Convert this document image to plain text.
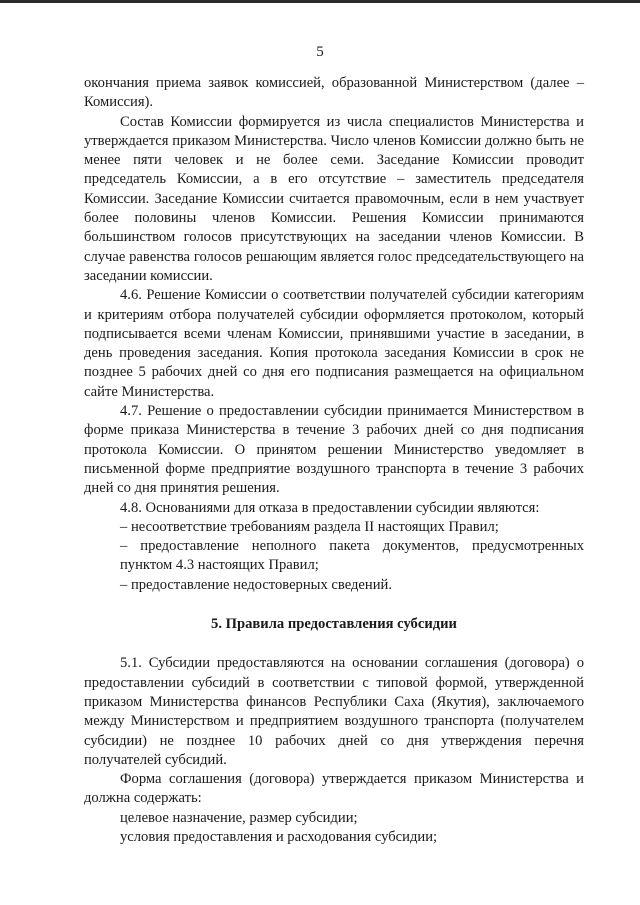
5

окончания приема заявок комиссией, образованной Министерством (далее – Комиссия).

Состав Комиссии формируется из числа специалистов Министерства и утверждается приказом Министерства. Число членов Комиссии должно быть не менее пяти человек и не более семи. Заседание Комиссии проводит председатель Комиссии, а в его отсутствие – заместитель председателя Комиссии. Заседание Комиссии считается правомочным, если в нем участвует более половины членов Комиссии. Решения Комиссии принимаются большинством голосов присутствующих на заседании членов Комиссии. В случае равенства голосов решающим является голос председательствующего на заседании комиссии.

4.6. Решение Комиссии о соответствии получателей субсидии категориям и критериям отбора получателей субсидии оформляется протоколом, который подписывается всеми членам Комиссии, принявшими участие в заседании, в день проведения заседания. Копия протокола заседания Комиссии в срок не позднее 5 рабочих дней со дня его подписания размещается на официальном сайте Министерства.

4.7. Решение о предоставлении субсидии принимается Министерством в форме приказа Министерства в течение 3 рабочих дней со дня подписания протокола Комиссии. О принятом решении Министерство уведомляет в письменной форме предприятие воздушного транспорта в течение 3 рабочих дней со дня принятия решения.

4.8. Основаниями для отказа в предоставлении субсидии являются:

– несоответствие требованиям раздела II настоящих Правил;

– предоставление неполного пакета документов, предусмотренных пунктом 4.3 настоящих Правил;

– предоставление недостоверных сведений.

5. Правила предоставления субсидии

5.1. Субсидии предоставляются на основании соглашения (договора) о предоставлении субсидий в соответствии с типовой формой, утвержденной приказом Министерства финансов Республики Саха (Якутия), заключаемого между Министерством и предприятием воздушного транспорта (получателем субсидии) не позднее 10 рабочих дней со дня утверждения перечня получателей субсидий.

Форма соглашения (договора) утверждается приказом Министерства и должна содержать:

целевое назначение, размер субсидии;

условия предоставления и расходования субсидии;
